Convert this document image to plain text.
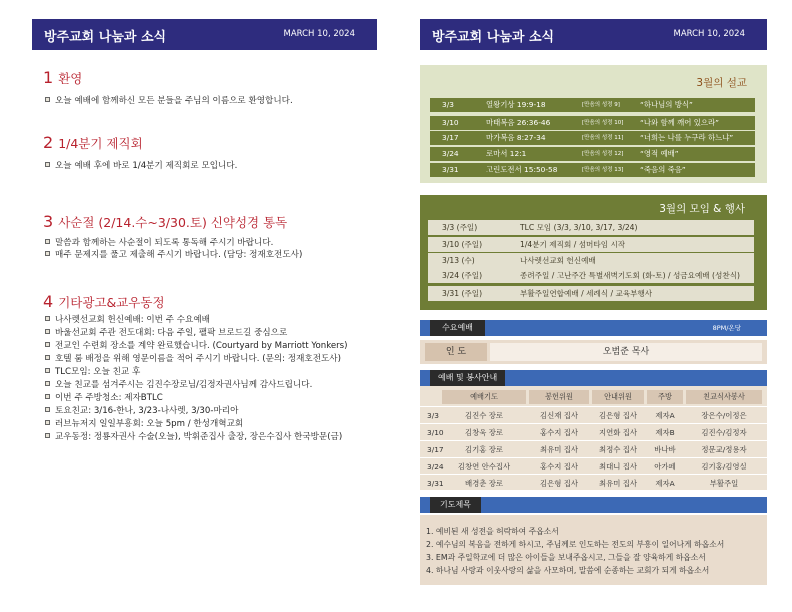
방주교회 나눔과 소식	MARCH 10, 2024
1 환영
오늘 예배에 함께하신 모든 분들을 주님의 이름으로 환영합니다.
2 1/4분기 제직회
오늘 예배 후에 바로 1/4분기 제직회로 모입니다.
3 사순절 (2/14.수~3/30.토) 신약성경 통독
말씀과 함께하는 사순절이 되도록 통독해 주시기 바랍니다.
매주 문제지를 풀고 제출해 주시기 바랍니다. (담당: 정재호전도사)
4 기타광고&교우동정
나사렛선교회 헌신예배: 이번 주 수요예배
바울선교회 주관 전도대회: 다음 주일, 팰팍 브로드길 중심으로
전교인 수련회 장소를 계약 완료했습니다. (Courtyard by Marriott Yonkers)
호텔 룸 배정을 위해 영문이름을 적어 주시기 바랍니다. (문의: 정재호전도사)
TLC모임: 오늘 친교 후
오늘 친교를 섬겨주시는 김진수장로님/김정자권사님께 감사드립니다.
이번 주 주방청소: 제자BTLC
토요친교: 3/16-한나, 3/23-나사렛, 3/30-마리아
러브뉴저지 일일부흥회: 오늘 5pm / 한성개혁교회
교우동정: 정룡자권사 수술(오늘), 박휘준집사 출장, 장은수집사 한국방문(금)
방주교회 나눔과 소식	MARCH 10, 2024
3월의 설교
3/3	열왕기상 19:9-18	[만음의 성정 9]	“하나님의 방식”
3/10	마태복음 26:36-46	[만음의 성정 10] “나와 함께 깨어 있으라”
3/17	마가복음 8:27-34	[만음의 성정 11] “너희는 나를 누구라 하느냐”
3/24	로마서 12:1	[만음의 성정 12] “영적 예배”
3/31	고린도전서 15:50-58	[만음의 성정 13] “죽음의 죽음”
3월의 모임 & 행사
3/3 (주일)	TLC 모임 (3/3, 3/10, 3/17, 3/24)
3/10 (주일)	1/4분기 제직회 / 섬머타임 시작
3/13 (수)	나사렛선교회 헌신예배
3/24 (주일)	종려주일 / 고난주간 특별새벽기도회 (화-토) / 성금요예배 (성찬식)
3/31 (주일)	부활주일연합예배 / 세례식 / 교육부행사
수요예배	8PM/온당
인 도	오범준 목사
예배 및 봉사안내
예배기도	봉헌위원	안내위원	주방	친교식사봉사
3/3	김진수 장로	김신재 집사	김은형 집사	제자A	장은수/이정은
3/10	김창욱 장로	홍수지 집사	지연화 집사	제자B	김진수/김정자
3/17	김기홍 장로	최유미 집사	최정수 집사	바나바	정문교/정용자
3/24	김창연 안수집사	홍수지 집사	최대니 집사	아가페	김기홍/김영실
3/31	배경춘 장로	김은형 집사	최유미 집사	제자A	부활주일
기도제목
1. 예비된 새 성전을 허락하여 주옵소서
2. 예수님의 복음을 전하게 하시고, 주님께로 인도하는 전도의 부흥이 일어나게 하옵소서
3. EM과 주일학교에 더 많은 아이들을 보내주옵시고, 그들을 잘 양육하게 하옵소서
4. 하나님 사랑과 이웃사랑의 삶을 사모하며, 말씀에 순종하는 교회가 되게 하옵소서
